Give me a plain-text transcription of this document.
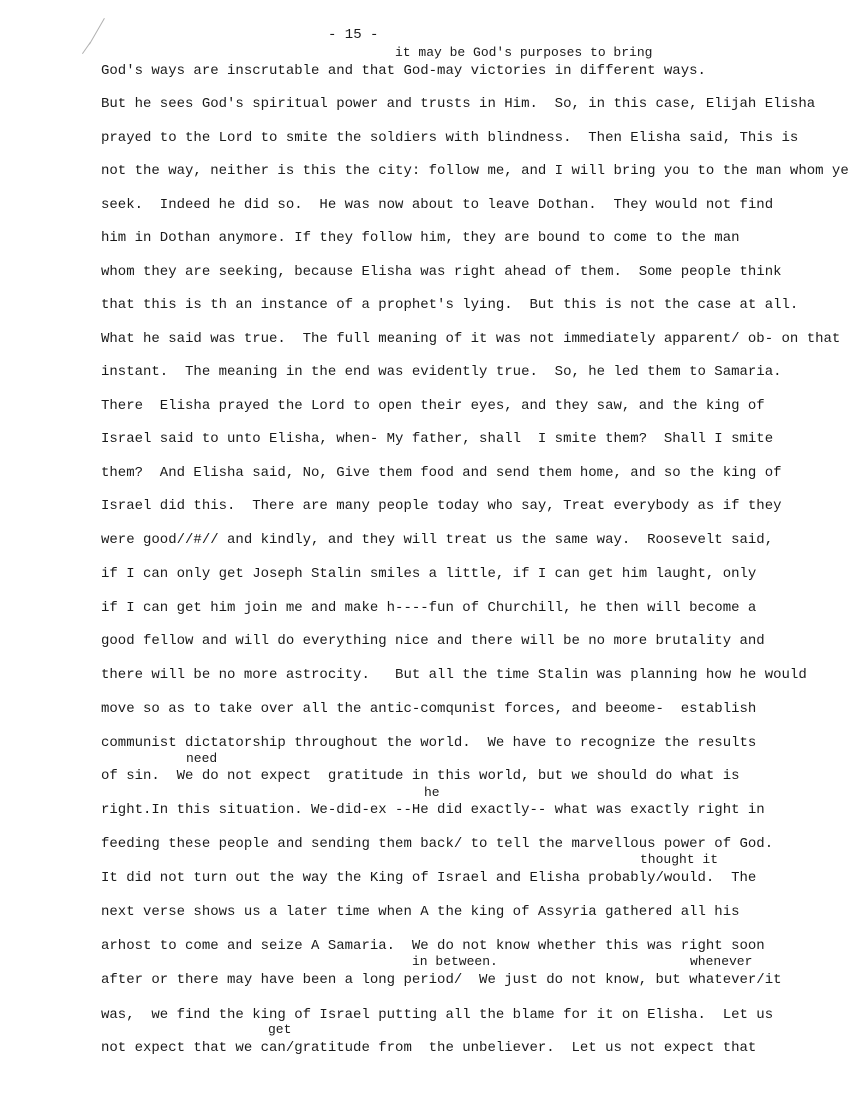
- 15 -
it may be God's purposes to bring
God's ways are inscrutable and that God-may victories in different ways.
But he sees God's spiritual power and trusts in Him.  So, in this case, Elijah Elisha
prayed to the Lord to smite the soldiers with blindness.  Then Elisha said, This is
not the way, neither is this the city: follow me, and I will bring you to the man whom ye
seek.  Indeed he did so.  He was now about to leave Dothan.  They would not find
him in Dothan anymore. If they follow him, they are bound to come to the man
whom they are seeking, because Elisha was right ahead of them.  Some people think
that this is th an instance of a prophet's lying.  But this is not the case at all.
What he said was true.  The full meaning of it was not immediately apparent/ ob- on that
instant.  The meaning in the end was evidently true.  So, he led them to Samaria.
There  Elisha prayed the Lord to open their eyes, and they saw, and the king of
Israel said to unto Elisha, when- My father, shall  I smite them?  Shall I smite
them?  And Elisha said, No, Give them food and send them home, and so the king of
Israel did this.  There are many people today who say, Treat everybody as if they
were good//#// and kindly, and they will treat us the same way.  Roosevelt said,
if I can only get Joseph Stalin smiles a little, if I can get him laught, only
if I can get him join me and make h----fun of Churchill, he then will become a
good fellow and will do everything nice and there will be no more brutality and
there will be no more astrocity.   But all the time Stalin was planning how he would
move so as to take over all the antic-comqunist forces, and beeome-  establish
communist dictatorship throughout the world.  We have to recognize the results
need
of sin.  We do not expect  gratitude in this world, but we should do what is
he
right.In this situation. We-did-ex --He did exactly-- what was exactly right in
feeding these people and sending them back/ to tell the marvellous power of God.
thought it
It did not turn out the way the King of Israel and Elisha probably/would.  The
next verse shows us a later time when A the king of Assyria gathered all his
arhost to come and seize A Samaria.  We do not know whether this was right soon
in between.	whenever
after or there may have been a long period/  We just do not know, but whatever/it
was,  we find the king of Israel putting all the blame for it on Elisha.  Let us
get
not expect that we can/gratitude from  the unbeliever.  Let us not expect that
